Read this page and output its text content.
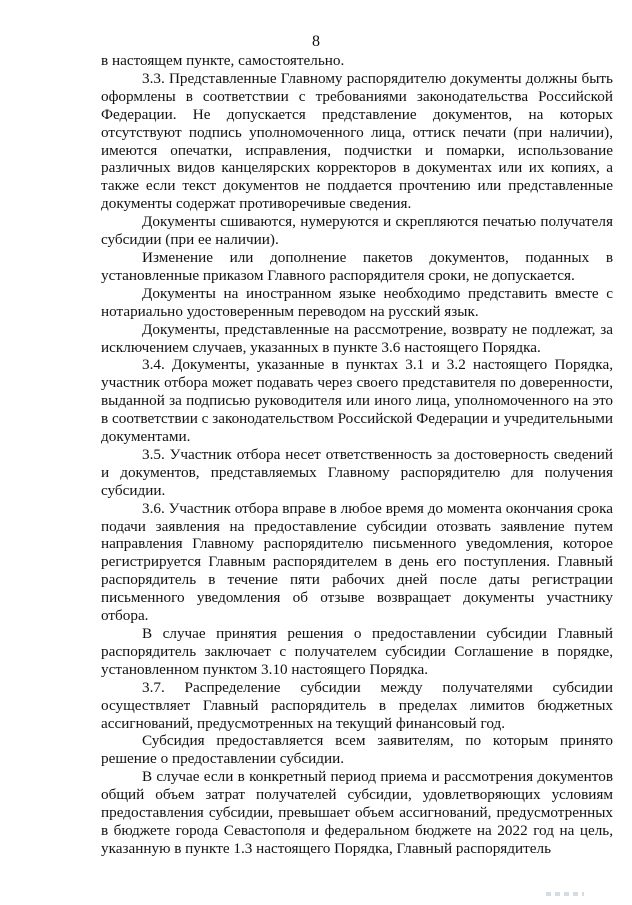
8

в настоящем пункте, самостоятельно.

3.3. Представленные Главному распорядителю документы должны быть оформлены в соответствии с требованиями законодательства Российской Федерации. Не допускается представление документов, на которых отсутствуют подпись уполномоченного лица, оттиск печати (при наличии), имеются опечатки, исправления, подчистки и помарки, использование различных видов канцелярских корректоров в документах или их копиях, а также если текст документов не поддается прочтению или представленные документы содержат противоречивые сведения.

Документы сшиваются, нумеруются и скрепляются печатью получателя субсидии (при ее наличии).

Изменение или дополнение пакетов документов, поданных в установленные приказом Главного распорядителя сроки, не допускается.

Документы на иностранном языке необходимо представить вместе с нотариально удостоверенным переводом на русский язык.

Документы, представленные на рассмотрение, возврату не подлежат, за исключением случаев, указанных в пункте 3.6 настоящего Порядка.

3.4. Документы, указанные в пунктах 3.1 и 3.2 настоящего Порядка, участник отбора может подавать через своего представителя по доверенности, выданной за подписью руководителя или иного лица, уполномоченного на это в соответствии с законодательством Российской Федерации и учредительными документами.

3.5. Участник отбора несет ответственность за достоверность сведений и документов, представляемых Главному распорядителю для получения субсидии.

3.6. Участник отбора вправе в любое время до момента окончания срока подачи заявления на предоставление субсидии отозвать заявление путем направления Главному распорядителю письменного уведомления, которое регистрируется Главным распорядителем в день его поступления. Главный распорядитель в течение пяти рабочих дней после даты регистрации письменного уведомления об отзыве возвращает документы участнику отбора.

В случае принятия решения о предоставлении субсидии Главный распорядитель заключает с получателем субсидии Соглашение в порядке, установленном пунктом 3.10 настоящего Порядка.

3.7. Распределение субсидии между получателями субсидии осуществляет Главный распорядитель в пределах лимитов бюджетных ассигнований, предусмотренных на текущий финансовый год.

Субсидия предоставляется всем заявителям, по которым принято решение о предоставлении субсидии.

В случае если в конкретный период приема и рассмотрения документов общий объем затрат получателей субсидии, удовлетворяющих условиям предоставления субсидии, превышает объем ассигнований, предусмотренных в бюджете города Севастополя и федеральном бюджете на 2022 год на цель, указанную в пункте 1.3 настоящего Порядка, Главный распорядитель
